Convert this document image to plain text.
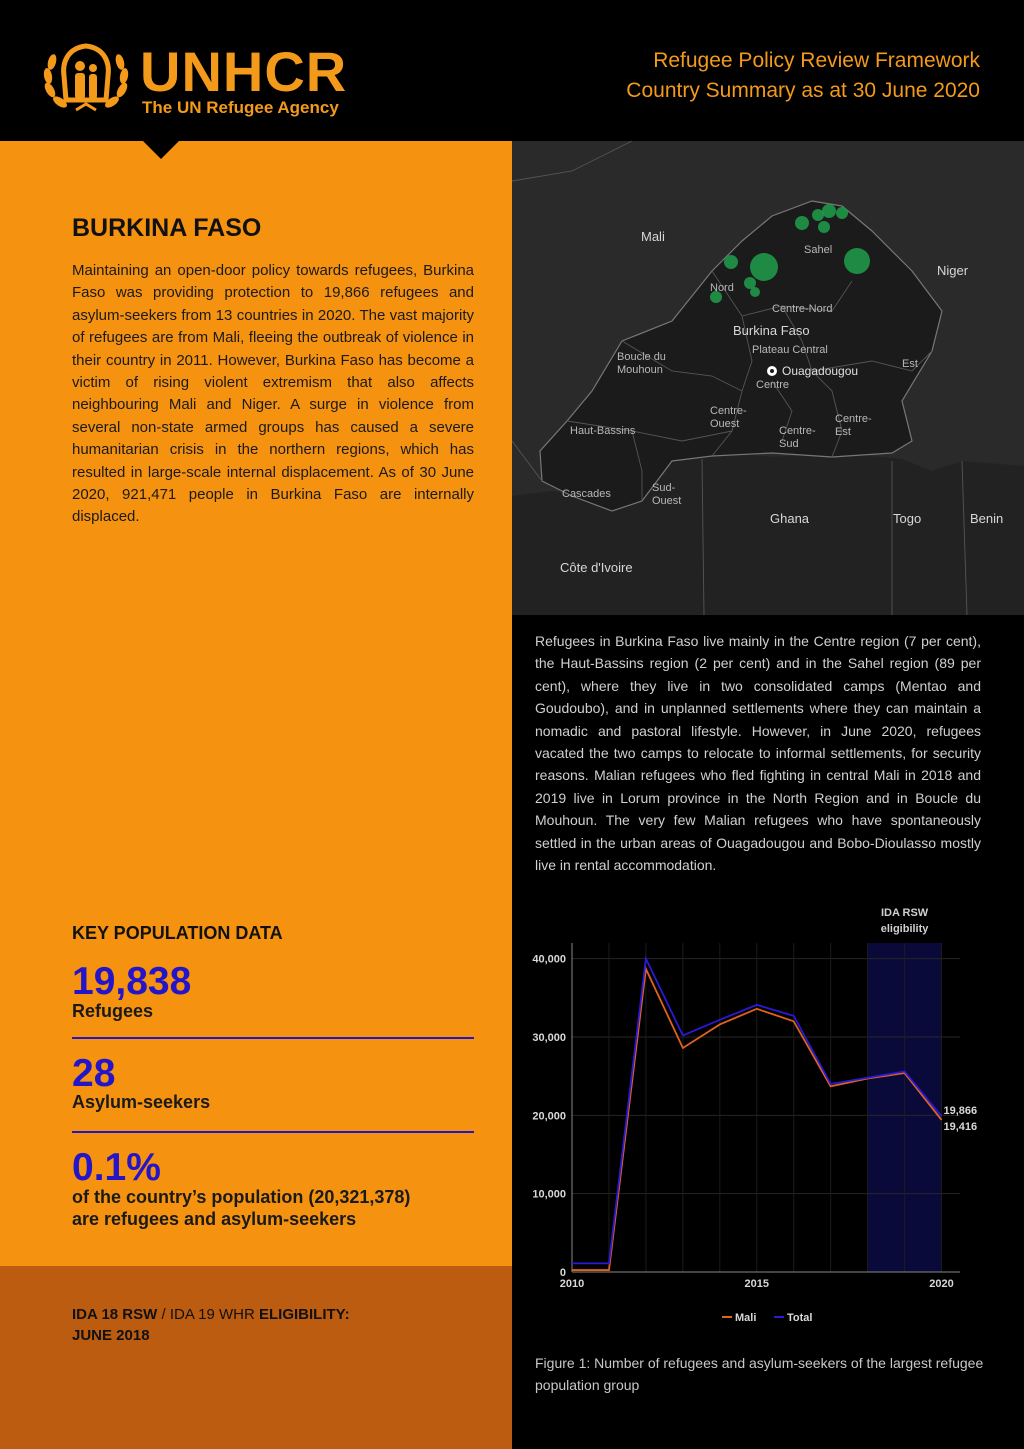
UNHCR
The UN Refugee Agency
Refugee Policy Review Framework
Country Summary as at 30 June 2020
BURKINA FASO

Maintaining an open-door policy towards refugees, Burkina Faso was providing protection to 19,866 refugees and asylum-seekers from 13 countries in 2020. The vast majority of refugees are from Mali, fleeing the outbreak of violence in their country in 2011. However, Burkina Faso has become a victim of rising violent extremism that also affects neighbouring Mali and Niger. A surge in violence from several non-state armed groups has caused a severe humanitarian crisis in the northern regions, which has resulted in large-scale internal displacement. As of 30 June 2020, 921,471 people in Burkina Faso are internally displaced.

KEY POPULATION DATA
19,838
Refugees
28
Asylum-seekers
0.1%
of the country’s population (20,321,378)
are refugees and asylum-seekers
IDA 18 RSW / IDA 19 WHR ELIGIBILITY:
JUNE 2018
Mali
Niger
Ghana	Togo	Benin
Côte d'Ivoire
Burkina Faso
Sahel
Nord
Centre-Nord
Boucle du Mouhoun
Plateau Central
Ouagadougou	Est
Haut-Bassins
Centre-Ouest
Centre-Sud
Centre-Est
Cascades	Sud-Ouest
Centre

Refugees in Burkina Faso live mainly in the Centre region (7 per cent), the Haut-Bassins region (2 per cent) and in the Sahel region (89 per cent), where they live in two consolidated camps (Mentao and Goudoubo), and in unplanned settlements where they can maintain a nomadic and pastoral lifestyle. However, in June 2020, refugees vacated the two camps to relocate to informal settlements, for security reasons. Malian refugees who fled fighting in central Mali in 2018 and 2019 live in Lorum province in the North Region and in Boucle du Mouhoun. The very few Malian refugees who have spontaneously settled in the urban areas of Ouagadougou and Bobo-Dioulasso mostly live in rental accommodation.

IDA RSW
eligibility
0
10,000
20,000
30,000
40,000
2010	2015	2020
19,866
19,416
Mali	Total

Figure 1: Number of refugees and asylum-seekers of the largest refugee population group
